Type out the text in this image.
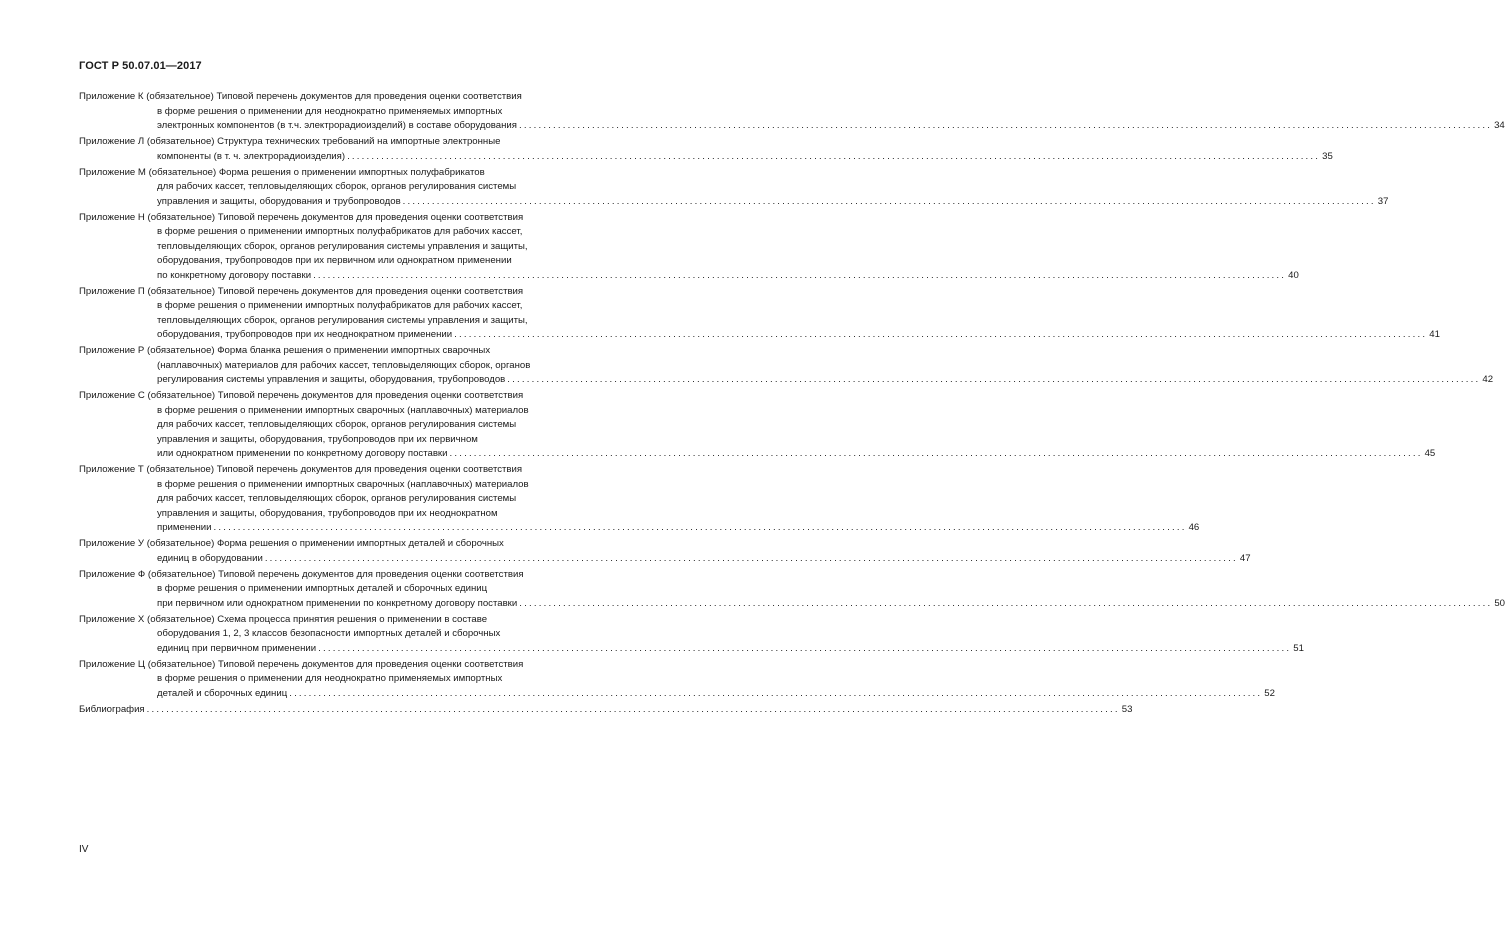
ГОСТ Р 50.07.01—2017
Приложение К (обязательное) Типовой перечень документов для проведения оценки соответствия
в форме решения о применении для неоднократно применяемых импортных
электронных компонентов (в т.ч. электрорадиоизделий) в составе оборудования ........................................................................................................................................................................................................ 34
Приложение Л (обязательное) Структура технических требований на импортные электронные
компоненты (в т. ч. электрорадиоизделия) ........................................................................................................................................................................................................ 35
Приложение М (обязательное) Форма решения о применении импортных полуфабрикатов
для рабочих кассет, тепловыделяющих сборок, органов регулирования системы
управления и защиты, оборудования и трубопроводов ........................................................................................................................................................................................................ 37
Приложение Н (обязательное) Типовой перечень документов для проведения оценки соответствия
в форме решения о применении импортных полуфабрикатов для рабочих кассет,
тепловыделяющих сборок, органов регулирования системы управления и защиты,
оборудования, трубопроводов при их первичном или однократном применении
по конкретному договору поставки ........................................................................................................................................................................................................ 40
Приложение П (обязательное) Типовой перечень документов для проведения оценки соответствия
в форме решения о применении импортных полуфабрикатов для рабочих кассет,
тепловыделяющих сборок, органов регулирования системы управления и защиты,
оборудования, трубопроводов при их неоднократном применении ........................................................................................................................................................................................................ 41
Приложение Р (обязательное) Форма бланка решения о применении импортных сварочных
(наплавочных) материалов для рабочих кассет, тепловыделяющих сборок, органов
регулирования системы управления и защиты, оборудования, трубопроводов ........................................................................................................................................................................................................ 42
Приложение С (обязательное) Типовой перечень документов для проведения оценки соответствия
в форме решения о применении импортных сварочных (наплавочных) материалов
для рабочих кассет, тепловыделяющих сборок, органов регулирования системы
управления и защиты, оборудования, трубопроводов при их первичном
или однократном применении по конкретному договору поставки ........................................................................................................................................................................................................ 45
Приложение Т (обязательное) Типовой перечень документов для проведения оценки соответствия
в форме решения о применении импортных сварочных (наплавочных) материалов
для рабочих кассет, тепловыделяющих сборок, органов регулирования системы
управления и защиты, оборудования, трубопроводов при их неоднократном
применении ........................................................................................................................................................................................................ 46
Приложение У (обязательное) Форма решения о применении импортных деталей и сборочных
единиц в оборудовании ........................................................................................................................................................................................................ 47
Приложение Ф (обязательное) Типовой перечень документов для проведения оценки соответствия
в форме решения о применении импортных деталей и сборочных единиц
при первичном или однократном применении по конкретному договору поставки ........................................................................................................................................................................................................ 50
Приложение Х (обязательное) Схема процесса принятия решения о применении в составе
оборудования 1, 2, 3 классов безопасности импортных деталей и сборочных
единиц при первичном применении ........................................................................................................................................................................................................ 51
Приложение Ц (обязательное) Типовой перечень документов для проведения оценки соответствия
в форме решения о применении для неоднократно применяемых импортных
деталей и сборочных единиц ........................................................................................................................................................................................................ 52
Библиография ........................................................................................................................................................................................................ 53
IV
